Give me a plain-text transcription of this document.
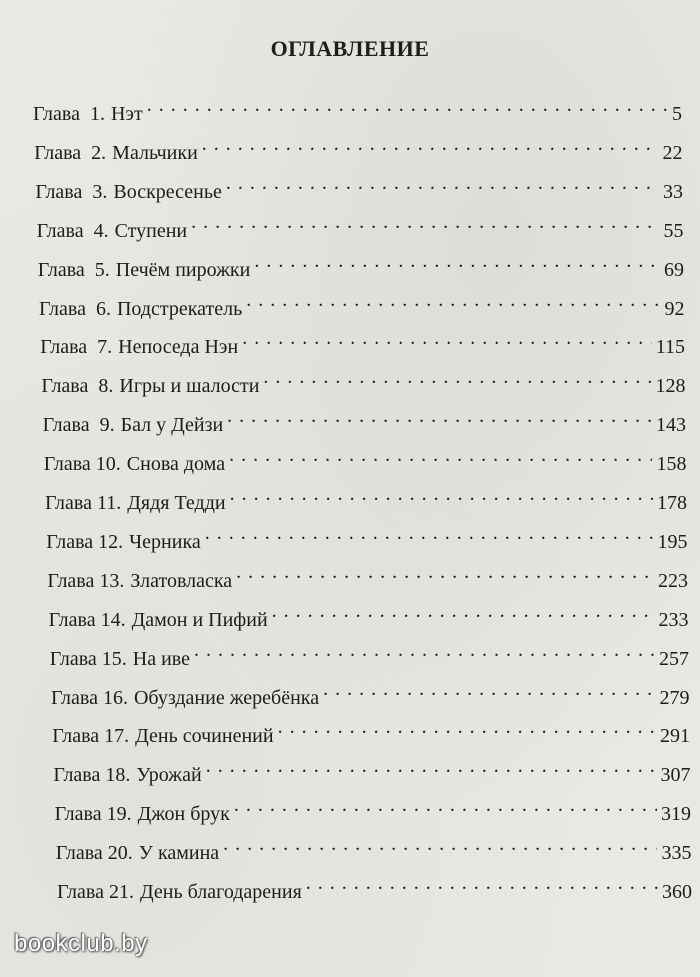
ОГЛАВЛЕНИЕ
Глава  1. Нэт . . .	5
Глава  2. Мальчики . . .	22
Глава  3. Воскресенье . . .	33
Глава  4. Ступени . . .	55
Глава  5. Печём пирожки . . .	69
Глава  6. Подстрекатель . . .	92
Глава  7. Непоседа Нэн . . .	115
Глава  8. Игры и шалости . . .	128
Глава  9. Бал у Дейзи . . .	143
Глава 10. Снова дома . . .	158
Глава 11. Дядя Тедди . . .	178
Глава 12. Черника . . .	195
Глава 13. Златовласка . . .	223
Глава 14. Дамон и Пифий . . .	233
Глава 15. На иве . . .	257
Глава 16. Обуздание жеребёнка . . .	279
Глава 17. День сочинений . . .	291
Глава 18. Урожай . . .	307
Глава 19. Джон брук . . .	319
Глава 20. У камина . . .	335
Глава 21. День благодарения . . .	360
bookclub.by
